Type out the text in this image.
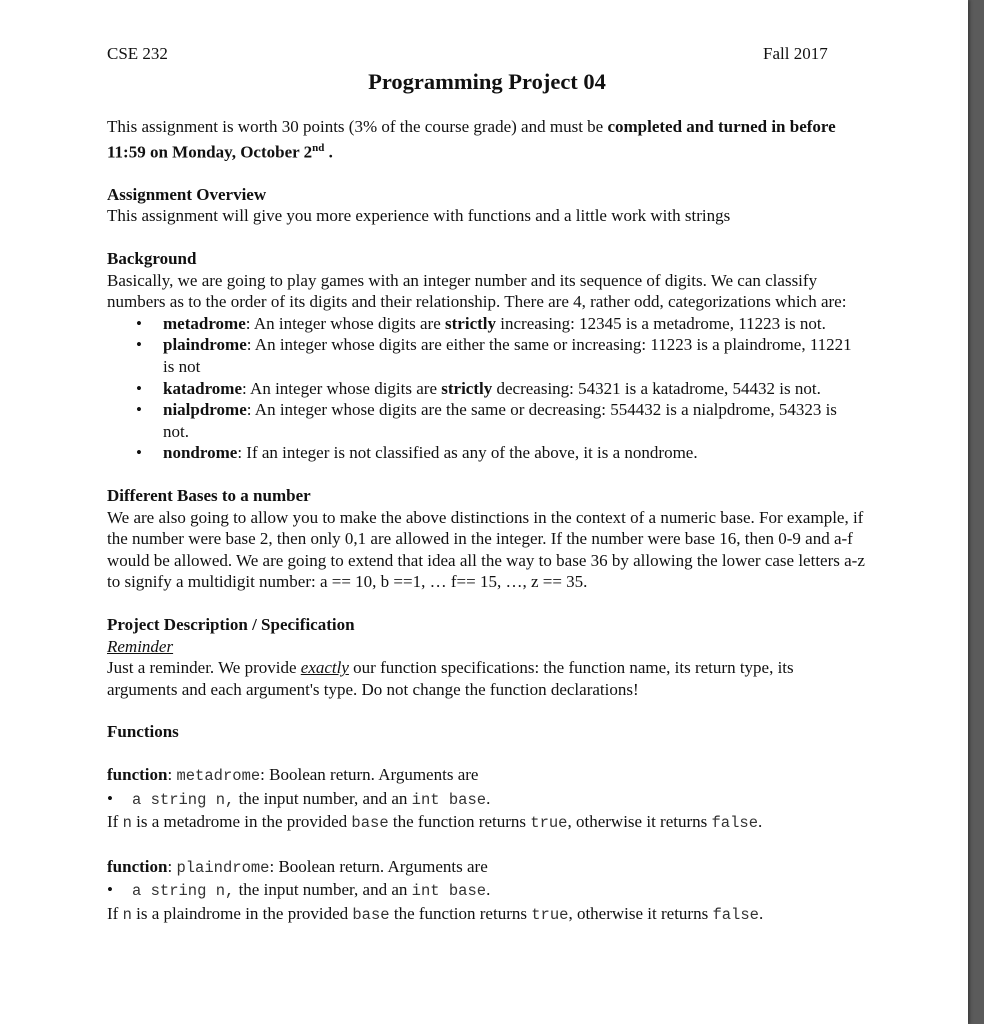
CSE 232	Fall 2017
Programming Project 04

This assignment is worth 30 points (3% of the course grade) and must be completed and turned in before 11:59 on Monday, October 2nd .

Assignment Overview
This assignment will give you more experience with functions and a little work with strings
Background
Basically, we are going to play games with an integer number and its sequence of digits. We can classify numbers as to the order of its digits and their relationship. There are 4, rather odd, categorizations which are:
• metadrome: An integer whose digits are strictly increasing: 12345 is a metadrome, 11223 is not.
• plaindrome: An integer whose digits are either the same or increasing: 11223 is a plaindrome, 11221 is not
• katadrome: An integer whose digits are strictly decreasing: 54321 is a katadrome, 54432 is not.
• nialpdrome: An integer whose digits are the same or decreasing: 554432 is a nialpdrome, 54323 is not.
• nondrome: If an integer is not classified as any of the above, it is a nondrome.
Different Bases to a number
We are also going to allow you to make the above distinctions in the context of a numeric base. For example, if the number were base 2, then only 0,1 are allowed in the integer. If the number were base 16, then 0-9 and a-f would be allowed. We are going to extend that idea all the way to base 36 by allowing the lower case letters a-z to signify a multidigit number: a == 10, b ==1, … f== 15, …, z == 35.
Project Description / Specification
Reminder
Just a reminder. We provide exactly our function specifications: the function name, its return type, its arguments and each argument's type. Do not change the function declarations!
Functions
function: metadrome: Boolean return. Arguments are
• a string n, the input number, and an int base.
If n is a metadrome in the provided base the function returns true, otherwise it returns false.
function: plaindrome: Boolean return. Arguments are
• a string n, the input number, and an int base.
If n is a plaindrome in the provided base the function returns true, otherwise it returns false.
